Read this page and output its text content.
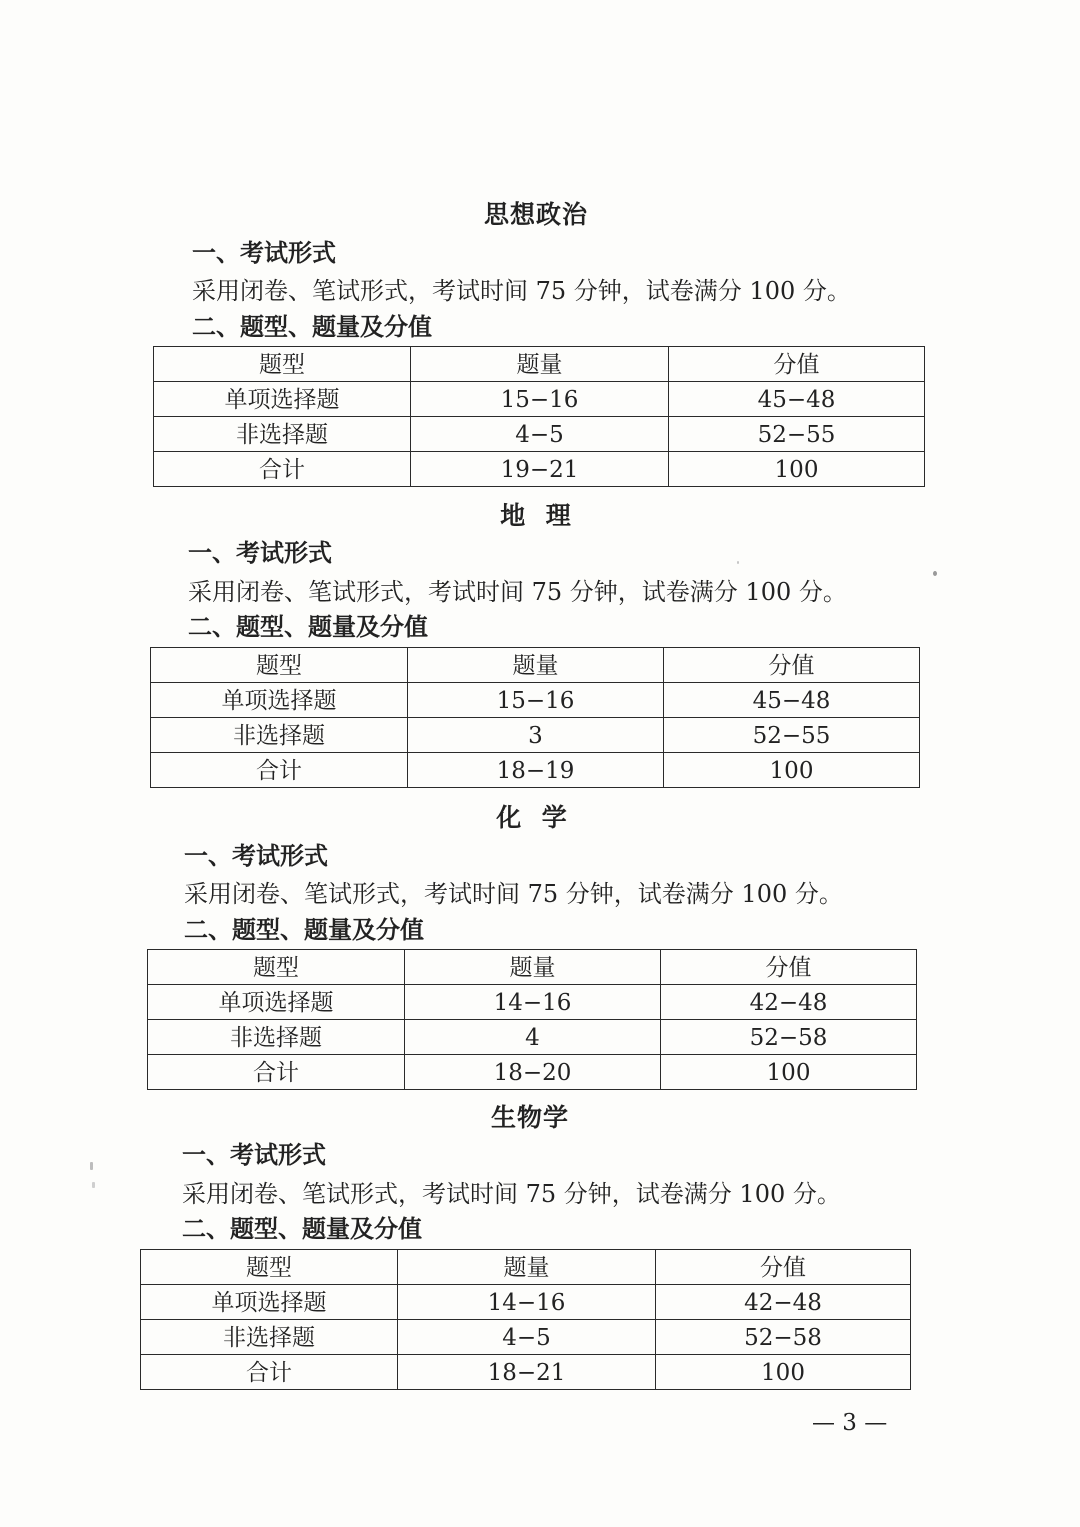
思想政治

一、考试形式

采用闭卷、笔试形式，考试时间 75 分钟，试卷满分 100 分。

二、题型、题量及分值

题型	题量	分值
单项选择题	15−16	45−48
非选择题	4−5	52−55
合计	19−21	100
地  理

一、考试形式

采用闭卷、笔试形式，考试时间 75 分钟，试卷满分 100 分。

二、题型、题量及分值

题型	题量	分值
单项选择题	15−16	45−48
非选择题	3	52−55
合计	18−19	100
化  学

一、考试形式

采用闭卷、笔试形式，考试时间 75 分钟，试卷满分 100 分。

二、题型、题量及分值

题型	题量	分值
单项选择题	14−16	42−48
非选择题	4	52−58
合计	18−20	100
生物学

一、考试形式

采用闭卷、笔试形式，考试时间 75 分钟，试卷满分 100 分。

二、题型、题量及分值

题型	题量	分值
单项选择题	14−16	42−48
非选择题	4−5	52−58
合计	18−21	100
— 3 —
